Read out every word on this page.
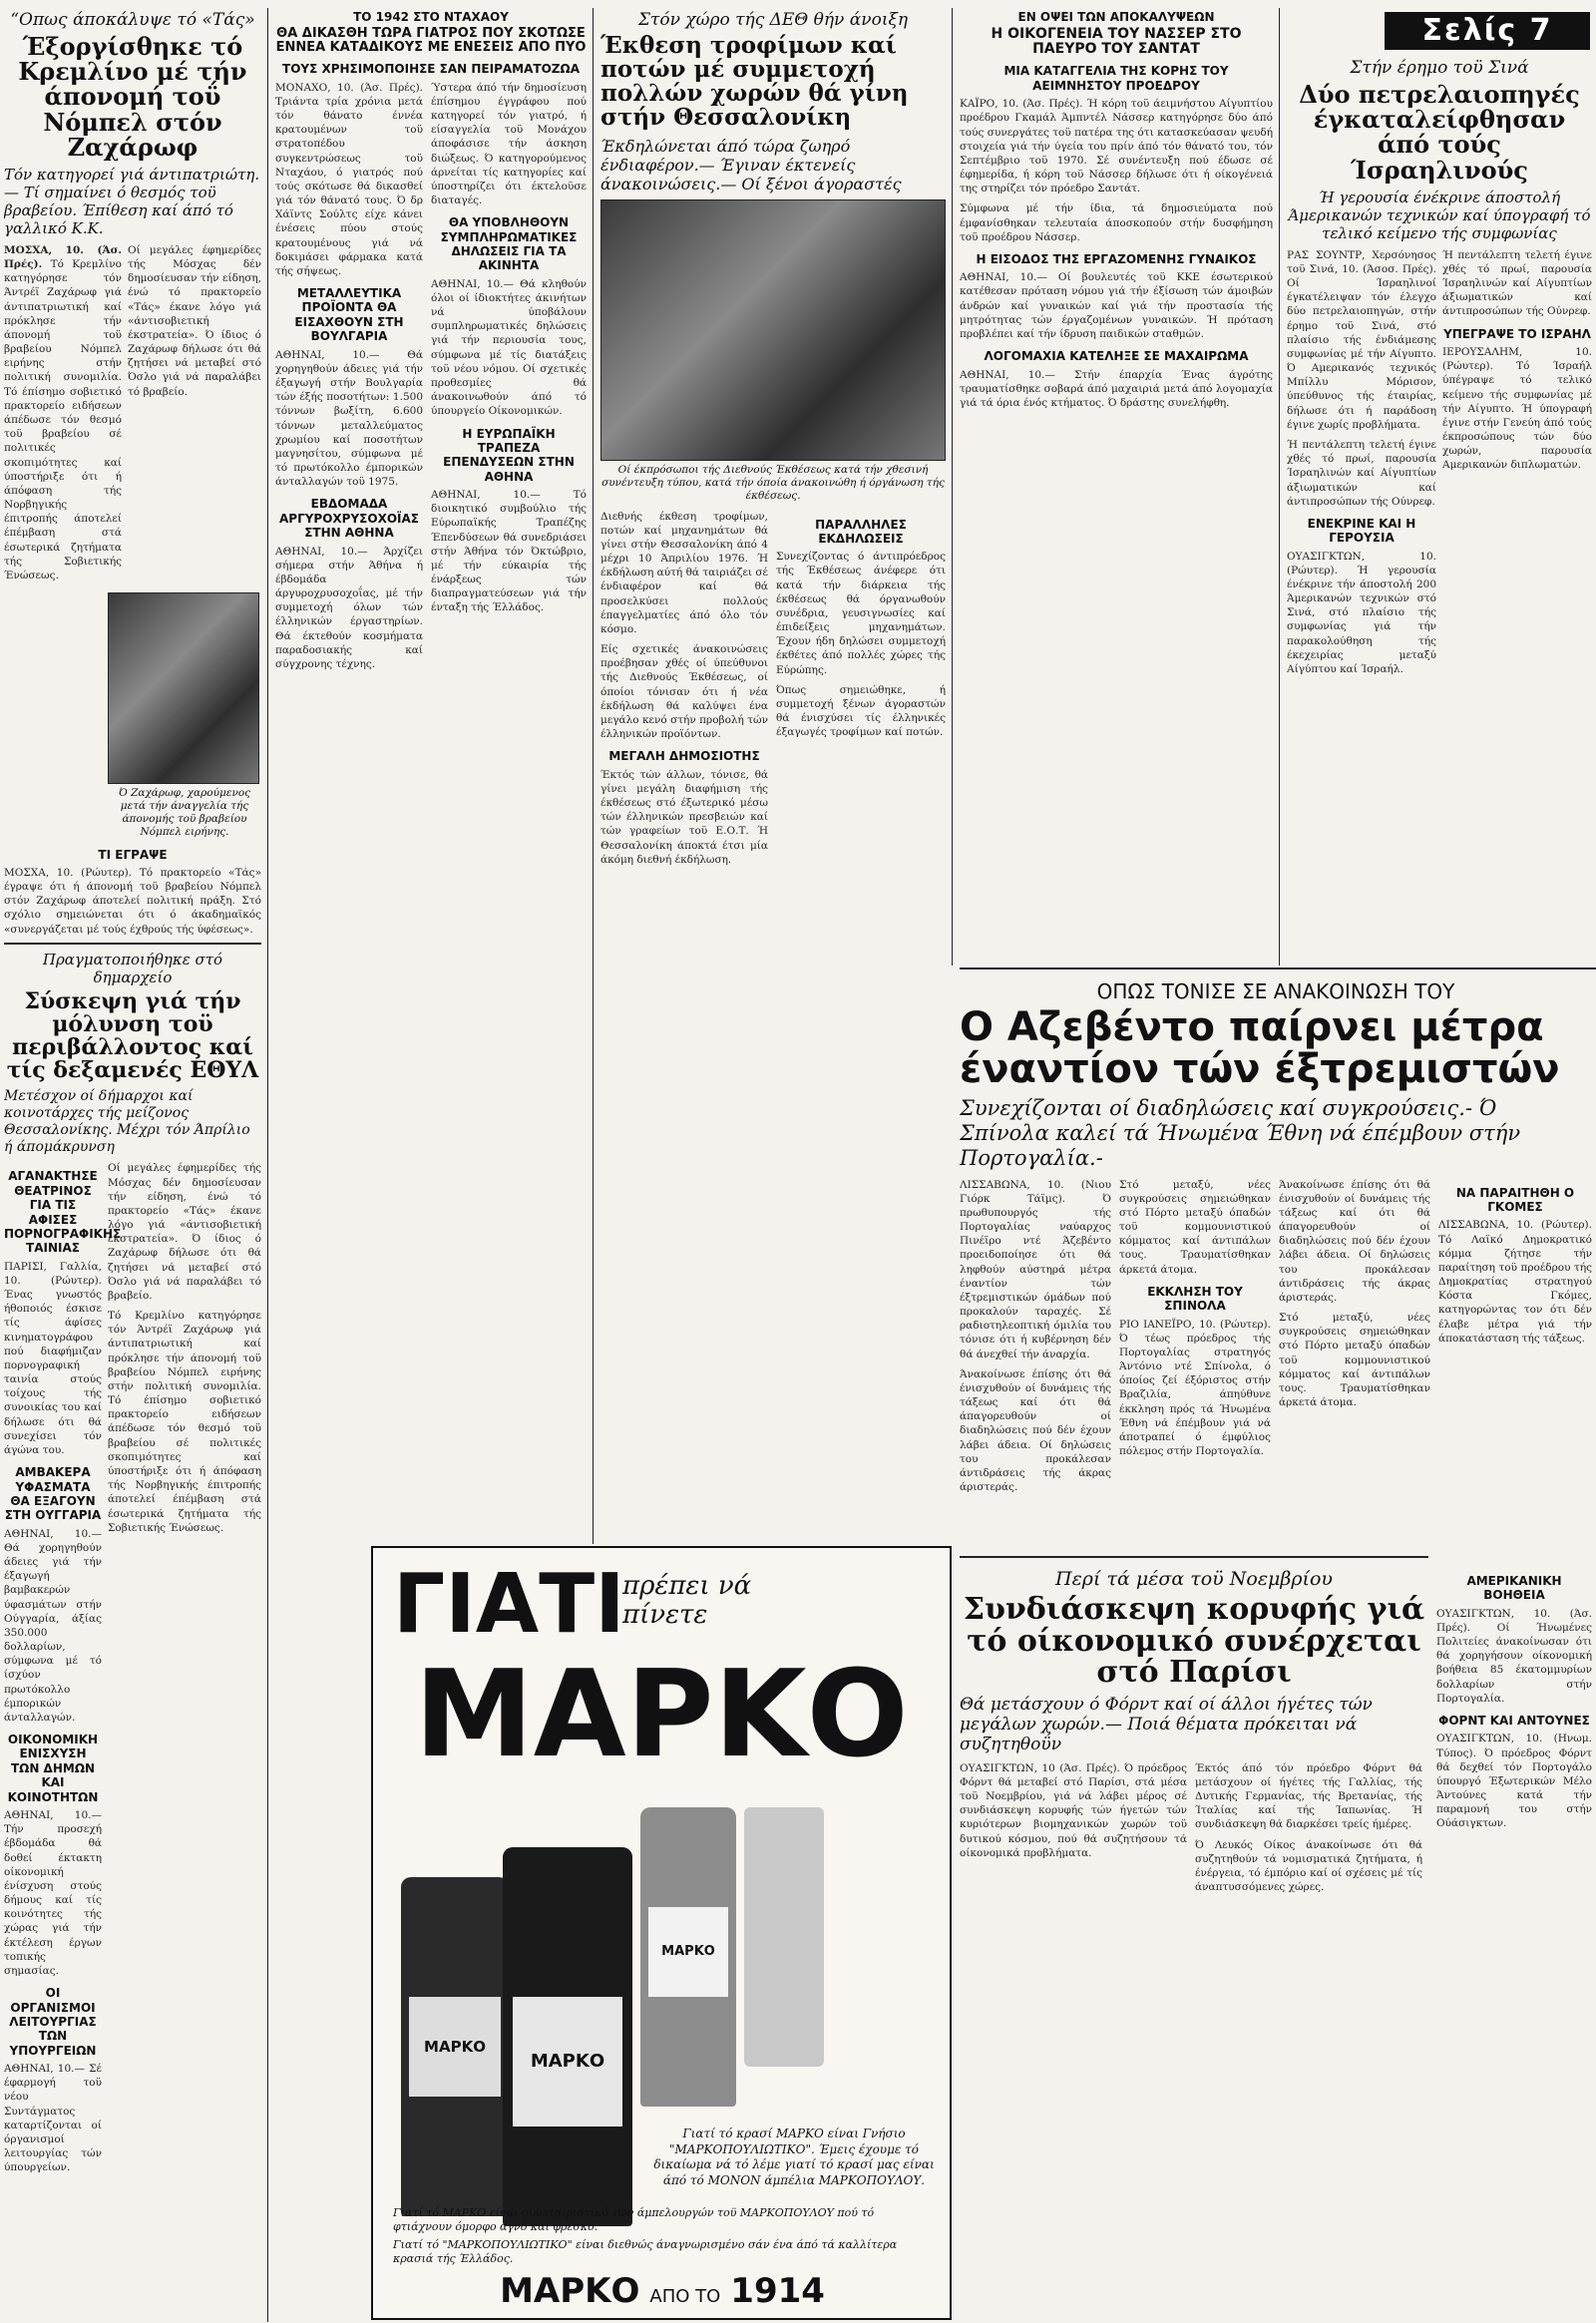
Σελίς 7
“Οπως άποκάλυψε τό «Τάς»
Έξοργίσθηκε τό Κρεμλίνο μέ τήν άπονομή τοΰ Νόμπελ στόν Ζαχάρωφ
Τόν κατηγορεί γιά άντιπατριώτη.— Τί σημαίνει ό θεσμός τοϋ βραβείου. Έπίθεση καί άπό τό γαλλικό Κ.Κ.

ΜΟΣΧΑ, 10. (Άσ. Πρές). Τό Κρεμλίνο κατηγόρησε τόν Άντρέϊ Ζαχάρωφ γιά άντιπατριωτική καί πρόκλησε τήν άπονομή τοϋ βραβείου Νόμπελ ειρήνης στήν πολιτική συνομιλία. Τό έπίσημο σοβιετικό πρακτορείο ειδήσεων άπέδωσε τόν θεσμό τοϋ βραβείου σέ πολιτικές σκοπιμότητες καί ύποστήριξε ότι ή άπόφαση τής Νορβηγικής έπιτροπής άποτελεί έπέμβαση στά έσωτερικά ζητήματα τής Σοβιετικής Ένώσεως.

Οί μεγάλες έφημερίδες τής Μόσχας δέν δημοσίευσαν τήν είδηση, ένώ τό πρακτορείο «Τάς» έκανε λόγο γιά «άντισοβιετική έκστρατεία». Ό ίδιος ό Ζαχάρωφ δήλωσε ότι θά ζητήσει νά μεταβεί στό Όσλο γιά νά παραλάβει τό βραβείο.

Ό Ζαχάρωφ, χαρούμενος μετά τήν άναγγελία τής άπονομής τοϋ βραβείου Νόμπελ ειρήνης.
ΤΙ ΕΓΡΑΨΕ

ΜΟΣΧΑ, 10. (Ρώυτερ). Τό πρακτορείο «Τάς» έγραψε ότι ή άπονομή τοϋ βραβείου Νόμπελ στόν Ζαχάρωφ άποτελεί πολιτική πράξη. Στό σχόλιο σημειώνεται ότι ό άκαδημαϊκός «συνεργάζεται μέ τούς έχθρούς τής ύφέσεως».

Πραγματοποιήθηκε στό δημαρχείο
Σύσκεψη γιά τήν μόλυνση τοϋ περιβάλλοντος καί τίς δεξαμενές ΕΘΥΛ
Μετέσχον οί δήμαρχοι καί κοινοτάρχες τής μείζονος Θεσσαλονίκης. Μέχρι τόν Άπρίλιο ή άπομάκρυνση
ΑΓΑΝΑΚΤΗΣΕ ΘΕΑΤΡΙΝΟΣ ΓΙΑ ΤΙΣ ΑΦΙΣΕΣ ΠΟΡΝΟΓΡΑΦΙΚΗΣ ΤΑΙΝΙΑΣ

ΠΑΡΙΣΙ, Γαλλία, 10. (Ρώυτερ). Ένας γνωστός ήθοποιός έσκισε τίς άφίσες κινηματογράφου πού διαφήμιζαν πορνογραφική ταινία στούς τοίχους τής συνοικίας του καί δήλωσε ότι θά συνεχίσει τόν άγώνα του.

ΑΜΒΑΚΕΡΑ ΥΦΑΣΜΑΤΑ ΘΑ ΕΞΑΓΟΥΝ ΣΤΗ ΟΥΓΓΑΡΙΑ

ΑΘΗΝΑΙ, 10.— Θά χορηγηθούν άδειες γιά τήν έξαγωγή βαμβακερών ύφασμάτων στήν Ούγγαρία, άξίας 350.000 δολλαρίων, σύμφωνα μέ τό ίσχύον πρωτόκολλο έμπορικών άνταλλαγών.

ΟΙΚΟΝΟΜΙΚΗ ΕΝΙΣΧΥΣΗ ΤΩΝ ΔΗΜΩΝ ΚΑΙ ΚΟΙΝΟΤΗΤΩΝ

ΑΘΗΝΑΙ, 10.— Τήν προσεχή έβδομάδα θά δοθεί έκτακτη οίκονομική ένίσχυση στούς δήμους καί τίς κοινότητες τής χώρας γιά τήν έκτέλεση έργων τοπικής σημασίας.

ΟΙ ΟΡΓΑΝΙΣΜΟΙ ΛΕΙΤΟΥΡΓΙΑΣ ΤΩΝ ΥΠΟΥΡΓΕΙΩΝ

ΑΘΗΝΑΙ, 10.— Σέ έφαρμογή τοϋ νέου Συντάγματος καταρτίζονται οί όργανισμοί λειτουργίας τών ύπουργείων.

Οί μεγάλες έφημερίδες τής Μόσχας δέν δημοσίευσαν τήν είδηση, ένώ τό πρακτορείο «Τάς» έκανε λόγο γιά «άντισοβιετική έκστρατεία». Ό ίδιος ό Ζαχάρωφ δήλωσε ότι θά ζητήσει νά μεταβεί στό Όσλο γιά νά παραλάβει τό βραβείο.

Τό Κρεμλίνο κατηγόρησε τόν Άντρέϊ Ζαχάρωφ γιά άντιπατριωτική καί πρόκλησε τήν άπονομή τοϋ βραβείου Νόμπελ ειρήνης στήν πολιτική συνομιλία. Τό έπίσημο σοβιετικό πρακτορείο ειδήσεων άπέδωσε τόν θεσμό τοϋ βραβείου σέ πολιτικές σκοπιμότητες καί ύποστήριξε ότι ή άπόφαση τής Νορβηγικής έπιτροπής άποτελεί έπέμβαση στά έσωτερικά ζητήματα τής Σοβιετικής Ένώσεως.

ΤΟ 1942 ΣΤΟ ΝΤΑΧΑΟΥ
ΘΑ ΔΙΚΑΣΘΗ ΤΩΡΑ ΓΙΑΤΡΟΣ ΠΟΥ ΣΚΟΤΩΣΕ ΕΝΝΕΑ ΚΑΤΑΔΙΚΟΥΣ ΜΕ ΕΝΕΣΕΙΣ ΑΠΟ ΠΥΟ
ΤΟΥΣ ΧΡΗΣΙΜΟΠΟΙΗΣΕ ΣΑΝ ΠΕΙΡΑΜΑΤΟΖΩΑ

ΜΟΝΑΧΟ, 10. (Άσ. Πρές). Τριάντα τρία χρόνια μετά τόν θάνατο έννέα κρατουμένων τοϋ στρατοπέδου συγκεντρώσεως τοϋ Νταχάου, ό γιατρός πού τούς σκότωσε θά δικασθεί γιά τόν θάνατό τους. Ό δρ Χάϊντς Σούλτς είχε κάνει ένέσεις πύου στούς κρατουμένους γιά νά δοκιμάσει φάρμακα κατά τής σήψεως.

ΜΕΤΑΛΛΕΥΤΙΚΑ ΠΡΟΪΟΝΤΑ ΘΑ ΕΙΣΑΧΘΟΥΝ ΣΤΗ ΒΟΥΛΓΑΡΙΑ

ΑΘΗΝΑΙ, 10.— Θά χορηγηθούν άδειες γιά τήν έξαγωγή στήν Βουλγαρία τών έξής ποσοτήτων: 1.500 τόννων βωξίτη, 6.600 τόννων μεταλλεύματος χρωμίου καί ποσοτήτων μαγνησίτου, σύμφωνα μέ τό πρωτόκολλο έμπορικών άνταλλαγών τοϋ 1975.

ΕΒΔΟΜΑΔΑ ΑΡΓΥΡΟΧΡΥΣΟΧΟΪΑΣ ΣΤΗΝ ΑΘΗΝΑ

ΑΘΗΝΑΙ, 10.— Άρχίζει σήμερα στήν Άθήνα ή έβδομάδα άργυροχρυσοχοΐας, μέ τήν συμμετοχή όλων τών έλληνικών έργαστηρίων. Θά έκτεθούν κοσμήματα παραδοσιακής καί σύγχρονης τέχνης.

Ύστερα άπό τήν δημοσίευση έπίσημου έγγράφου πού κατηγορεί τόν γιατρό, ή είσαγγελία τοϋ Μονάχου άποφάσισε τήν άσκηση διώξεως. Ό κατηγορούμενος άρνείται τίς κατηγορίες καί ύποστηρίζει ότι έκτελοϋσε διαταγές.

ΘΑ ΥΠΟΒΛΗΘΟΥΝ ΣΥΜΠΛΗΡΩΜΑΤΙΚΕΣ ΔΗΛΩΣΕΙΣ ΓΙΑ ΤΑ ΑΚΙΝΗΤΑ

ΑΘΗΝΑΙ, 10.— Θά κληθούν όλοι οί ίδιοκτήτες άκινήτων νά ύποβάλουν συμπληρωματικές δηλώσεις γιά τήν περιουσία τους, σύμφωνα μέ τίς διατάξεις τοϋ νέου νόμου. Οί σχετικές προθεσμίες θά άνακοινωθούν άπό τό ύπουργείο Οίκονομικών.

Η ΕΥΡΩΠΑΪΚΗ ΤΡΑΠΕΖΑ ΕΠΕΝΔΥΣΕΩΝ ΣΤΗΝ ΑΘΗΝΑ

ΑΘΗΝΑΙ, 10.— Τό διοικητικό συμβούλιο τής Εύρωπαϊκής Τραπέζης Έπενδύσεων θά συνεδριάσει στήν Άθήνα τόν Όκτώβριο, μέ τήν εύκαιρία τής ένάρξεως τών διαπραγματεύσεων γιά τήν ένταξη τής Έλλάδος.

Στόν χώρο τής ΔΕΘ θήν άνοιξη
Έκθεση τροφίμων καί ποτών μέ συμμετοχή πολλών χωρών θά γίνη στήν Θεσσαλονίκη
Έκδηλώνεται άπό τώρα ζωηρό ένδιαφέρον.— Έγιναν έκτενείς άνακοινώσεις.— Οί ξένοι άγοραστές
Οί έκπρόσωποι τής Διεθνούς Έκθέσεως κατά τήν χθεσινή συνέντευξη τύπου, κατά τήν όποία άνακοινώθη ή όργάνωση τής έκθέσεως.

Διεθνής έκθεση τροφίμων, ποτών καί μηχανημάτων θά γίνει στήν Θεσσαλονίκη άπό 4 μέχρι 10 Άπριλίου 1976. Ή έκδήλωση αύτή θά ταιριάζει σέ ένδιαφέρον καί θά προσελκύσει πολλούς έπαγγελματίες άπό όλο τόν κόσμο.

Είς σχετικές άνακοινώσεις προέβησαν χθές οί ύπεύθυνοι τής Διεθνούς Έκθέσεως, οί όποίοι τόνισαν ότι ή νέα έκδήλωση θά καλύψει ένα μεγάλο κενό στήν προβολή τών έλληνικών προϊόντων.

ΜΕΓΑΛΗ ΔΗΜΟΣΙΟΤΗΣ

Έκτός τών άλλων, τόνισε, θά γίνει μεγάλη διαφήμιση τής έκθέσεως στό έξωτερικό μέσω τών έλληνικών πρεσβειών καί τών γραφείων τοϋ Ε.Ο.Τ. Ή Θεσσαλονίκη άποκτά έτσι μία άκόμη διεθνή έκδήλωση.

ΠΑΡΑΛΛΗΛΕΣ ΕΚΔΗΛΩΣΕΙΣ

Συνεχίζοντας ό άντιπρόεδρος τής Έκθέσεως άνέφερε ότι κατά τήν διάρκεια τής έκθέσεως θά όργανωθούν συνέδρια, γευσιγνωσίες καί έπιδείξεις μηχανημάτων. Έχουν ήδη δηλώσει συμμετοχή έκθέτες άπό πολλές χώρες τής Εύρώπης.

Όπως σημειώθηκε, ή συμμετοχή ξένων άγοραστών θά ένισχύσει τίς έλληνικές έξαγωγές τροφίμων καί ποτών.

ΕΝ ΟΨΕΙ ΤΩΝ ΑΠΟΚΑΛΥΨΕΩΝ
Η ΟΙΚΟΓΕΝΕΙΑ ΤΟΥ ΝΑΣΣΕΡ ΣΤΟ ΠΑΕΥΡΟ ΤΟΥ ΣΑΝΤΑΤ
ΜΙΑ ΚΑΤΑΓΓΕΛΙΑ ΤΗΣ ΚΟΡΗΣ ΤΟΥ ΑΕΙΜΝΗΣΤΟΥ ΠΡΟΕΔΡΟΥ

ΚΑΪΡΟ, 10. (Άσ. Πρές). Ή κόρη τοϋ άειμνήστου Αίγυπτίου προέδρου Γκαμάλ Άμπντέλ Νάσσερ κατηγόρησε δύο άπό τούς συνεργάτες τοϋ πατέρα της ότι κατασκεύασαν ψευδή στοιχεία γιά τήν ύγεία του πρίν άπό τόν θάνατό του, τόν Σεπτέμβριο τοϋ 1970. Σέ συνέντευξη πού έδωσε σέ έφημερίδα, ή κόρη τοϋ Νάσσερ δήλωσε ότι ή οίκογένειά της στηρίζει τόν πρόεδρο Σαντάτ.

Σύμφωνα μέ τήν ίδια, τά δημοσιεύματα πού έμφανίσθηκαν τελευταία άποσκοπούν στήν δυσφήμηση τοϋ προέδρου Νάσσερ.

Η ΕΙΣΟΔΟΣ ΤΗΣ ΕΡΓΑΖΟΜΕΝΗΣ ΓΥΝΑΙΚΟΣ

ΑΘΗΝΑΙ, 10.— Οί βουλευτές τοϋ ΚΚΕ έσωτερικού κατέθεσαν πρόταση νόμου γιά τήν έξίσωση τών άμοιβών άνδρών καί γυναικών καί γιά τήν προστασία τής μητρότητας τών έργαζομένων γυναικών. Ή πρόταση προβλέπει καί τήν ίδρυση παιδικών σταθμών.

ΛΟΓΟΜΑΧΙΑ ΚΑΤΕΛΗΞΕ ΣΕ ΜΑΧΑΙΡΩΜΑ

ΑΘΗΝΑΙ, 10.— Στήν έπαρχία Ένας άγρότης τραυματίσθηκε σοβαρά άπό μαχαιριά μετά άπό λογομαχία γιά τά όρια ένός κτήματος. Ό δράστης συνελήφθη.

Στήν έρημο τοϋ Σινά
Δύο πετρελαιοπηγές έγκαταλείφθησαν άπό τούς Ίσραηλινούς
Ή γερουσία ένέκρινε άποστολή Άμερικανών τεχνικών καί ύπογραφή τό τελικό κείμενο τής συμφωνίας

ΡΑΣ ΣΟΥΝΤΡ, Χερσόνησος τοϋ Σινά, 10. (Άσοσ. Πρές). Οί Ίσραηλινοί έγκατέλειψαν τόν έλεγχο δύο πετρελαιοπηγών, στήν έρημο τοϋ Σινά, στό πλαίσιο τής ένδιάμεσης συμφωνίας μέ τήν Αίγυπτο. Ό Αμερικανός τεχνικός Μπίλλυ Μόρισον, ύπεύθυνος τής έταιρίας, δήλωσε ότι ή παράδοση έγινε χωρίς προβλήματα.

Ή πεντάλεπτη τελετή έγινε χθές τό πρωί, παρουσία Ίσραηλινών καί Αίγυπτίων άξιωματικών καί άντιπροσώπων τής Ούνρεφ.

ΕΝΕΚΡΙΝΕ ΚΑΙ Η ΓΕΡΟΥΣΙΑ

ΟΥΑΣΙΓΚΤΩΝ, 10. (Ρώυτερ). Ή γερουσία ένέκρινε τήν άποστολή 200 Άμερικανών τεχνικών στό Σινά, στό πλαίσιο τής συμφωνίας γιά τήν παρακολούθηση τής έκεχειρίας μεταξύ Αίγύπτου καί Ίσραήλ.

Ή πεντάλεπτη τελετή έγινε χθές τό πρωί, παρουσία Ίσραηλινών καί Αίγυπτίων άξιωματικών καί άντιπροσώπων τής Ούνρεφ.

ΥΠΕΓΡΑΨΕ ΤΟ ΙΣΡΑΗΛ

ΙΕΡΟΥΣΑΛΗΜ, 10. (Ρώυτερ). Τό Ίσραήλ ύπέγραψε τό τελικό κείμενο τής συμφωνίας μέ τήν Αίγυπτο. Ή ύπογραφή έγινε στήν Γενεύη άπό τούς έκπροσώπους τών δύο χωρών, παρουσία Αμερικανών διπλωματών.

ΟΠΩΣ ΤΟΝΙΣΕ ΣΕ ΑΝΑΚΟΙΝΩΣΗ ΤΟΥ
Ο Αζεβέντο παίρνει μέτρα έναντίον τών έξτρεμιστών
Συνεχίζονται οί διαδηλώσεις καί συγκρούσεις.- Ό Σπίνολα καλεί τά Ήνωμένα Έθνη νά έπέμβουν στήν Πορτογαλία.-

ΛΙΣΣΑΒΩΝΑ, 10. (Νιου Γιόρκ Τάϊμς). Ό πρωθυπουργός τής Πορτογαλίας ναύαρχος Πινέϊρο ντέ Άζεβέντο προειδοποίησε ότι θά ληφθούν αύστηρά μέτρα έναντίον τών έξτρεμιστικών όμάδων πού προκαλούν ταραχές. Σέ ραδιοτηλεοπτική όμιλία του τόνισε ότι ή κυβέρνηση δέν θά άνεχθεί τήν άναρχία.

Άνακοίνωσε έπίσης ότι θά ένισχυθούν οί δυνάμεις τής τάξεως καί ότι θά άπαγορευθούν οί διαδηλώσεις πού δέν έχουν λάβει άδεια. Οί δηλώσεις του προκάλεσαν άντιδράσεις τής άκρας άριστεράς.

Στό μεταξύ, νέες συγκρούσεις σημειώθηκαν στό Πόρτο μεταξύ όπαδών τοϋ κομμουνιστικού κόμματος καί άντιπάλων τους. Τραυματίσθηκαν άρκετά άτομα.

ΕΚΚΛΗΣΗ ΤΟΥ ΣΠΙΝΟΛΑ

ΡΙΟ ΙΑΝΕΪΡΟ, 10. (Ρώυτερ). Ό τέως πρόεδρος τής Πορτογαλίας στρατηγός Άντόνιο ντέ Σπίνολα, ό όποίος ζεί έξόριστος στήν Βραζιλία, άπηύθυνε έκκληση πρός τά Ήνωμένα Έθνη νά έπέμβουν γιά νά άποτραπεί ό έμφύλιος πόλεμος στήν Πορτογαλία.

Άνακοίνωσε έπίσης ότι θά ένισχυθούν οί δυνάμεις τής τάξεως καί ότι θά άπαγορευθούν οί διαδηλώσεις πού δέν έχουν λάβει άδεια. Οί δηλώσεις του προκάλεσαν άντιδράσεις τής άκρας άριστεράς.

Στό μεταξύ, νέες συγκρούσεις σημειώθηκαν στό Πόρτο μεταξύ όπαδών τοϋ κομμουνιστικού κόμματος καί άντιπάλων τους. Τραυματίσθηκαν άρκετά άτομα.

ΝΑ ΠΑΡΑΙΤΗΘΗ Ο ΓΚΟΜΕΣ

ΛΙΣΣΑΒΩΝΑ, 10. (Ρώυτερ). Τό Λαϊκό Δημοκρατικό κόμμα ζήτησε τήν παραίτηση τοϋ προέδρου τής Δημοκρατίας στρατηγού Κόστα Γκόμες, κατηγορώντας τον ότι δέν έλαβε μέτρα γιά τήν άποκατάσταση τής τάξεως.

ΑΜΕΡΙΚΑΝΙΚΗ ΒΟΗΘΕΙΑ

ΟΥΑΣΙΓΚΤΩΝ, 10. (Άσ. Πρές). Οί Ήνωμένες Πολιτείες άνακοίνωσαν ότι θά χορηγήσουν οίκονομική βοήθεια 85 έκατομμυρίων δολλαρίων στήν Πορτογαλία.

ΦΟΡΝΤ ΚΑΙ ΑΝΤΟΥΝΕΣ

ΟΥΑΣΙΓΚΤΩΝ, 10. (Ηνωμ. Τύπος). Ό πρόεδρος Φόρντ θά δεχθεί τόν Πορτογάλο ύπουργό Έξωτερικών Μέλο Άντούνες κατά τήν παραμονή του στήν Ούάσιγκτων.

Περί τά μέσα τοϋ Νοεμβρίου
Συνδιάσκεψη κορυφής γιά τό οίκονομικό συνέρχεται στό Παρίσι
Θά μετάσχουν ό Φόρντ καί οί άλλοι ήγέτες τών μεγάλων χωρών.— Ποιά θέματα πρόκειται νά συζητηθοΰν

ΟΥΑΣΙΓΚΤΩΝ, 10 (Άσ. Πρές). Ό πρόεδρος Φόρντ θά μεταβεί στό Παρίσι, στά μέσα τοϋ Νοεμβρίου, γιά νά λάβει μέρος σέ συνδιάσκεψη κορυφής τών ήγετών τών κυριότερων βιομηχανικών χωρών τοϋ δυτικού κόσμου, πού θά συζητήσουν τά οίκονομικά προβλήματα.

Έκτός άπό τόν πρόεδρο Φόρντ θά μετάσχουν οί ήγέτες τής Γαλλίας, τής Δυτικής Γερμανίας, τής Βρετανίας, τής Ίταλίας καί τής Ίαπωνίας. Ή συνδιάσκεψη θά διαρκέσει τρείς ήμέρες.

Ό Λευκός Οίκος άνακοίνωσε ότι θά συζητηθούν τά νομισματικά ζητήματα, ή ένέργεια, τό έμπόριο καί οί σχέσεις μέ τίς άναπτυσσόμενες χώρες.

ΓΙΑΤΙ
πρέπει νά πίνετε
ΜΑΡΚΟ
ΜΑΡΚΟ
ΜΑΡΚΟ
ΜΑΡΚΟ
Γιατί τό κρασί ΜΑΡΚΟ είναι Γνήσιο "ΜΑΡΚΟΠΟΥΛΙΩΤΙΚΟ". Έμεις έχουμε τό δικαίωμα νά τό λέμε γιατί τό κρασί μας είναι άπό τό ΜΟΝΟΝ άμπέλια ΜΑΡΚΟΠΟΥΛΟΥ.
Γιατί τό ΜΑΡΚΟ είναι συνεταιριστικό τών άμπελουργών τοϋ ΜΑΡΚΟΠΟΥΛΟΥ πού τό φτιάχνουν όμορφο άγνό καί φρέσκο.
Γιατί τό "ΜΑΡΚΟΠΟΥΛΙΩΤΙΚΟ" είναι διεθνώς άναγνωρισμένο σάν ένα άπό τά καλλίτερα κρασιά τής Έλλάδος.
ΜΑΡΚΟ ΑΠΟ ΤΟ 1914
